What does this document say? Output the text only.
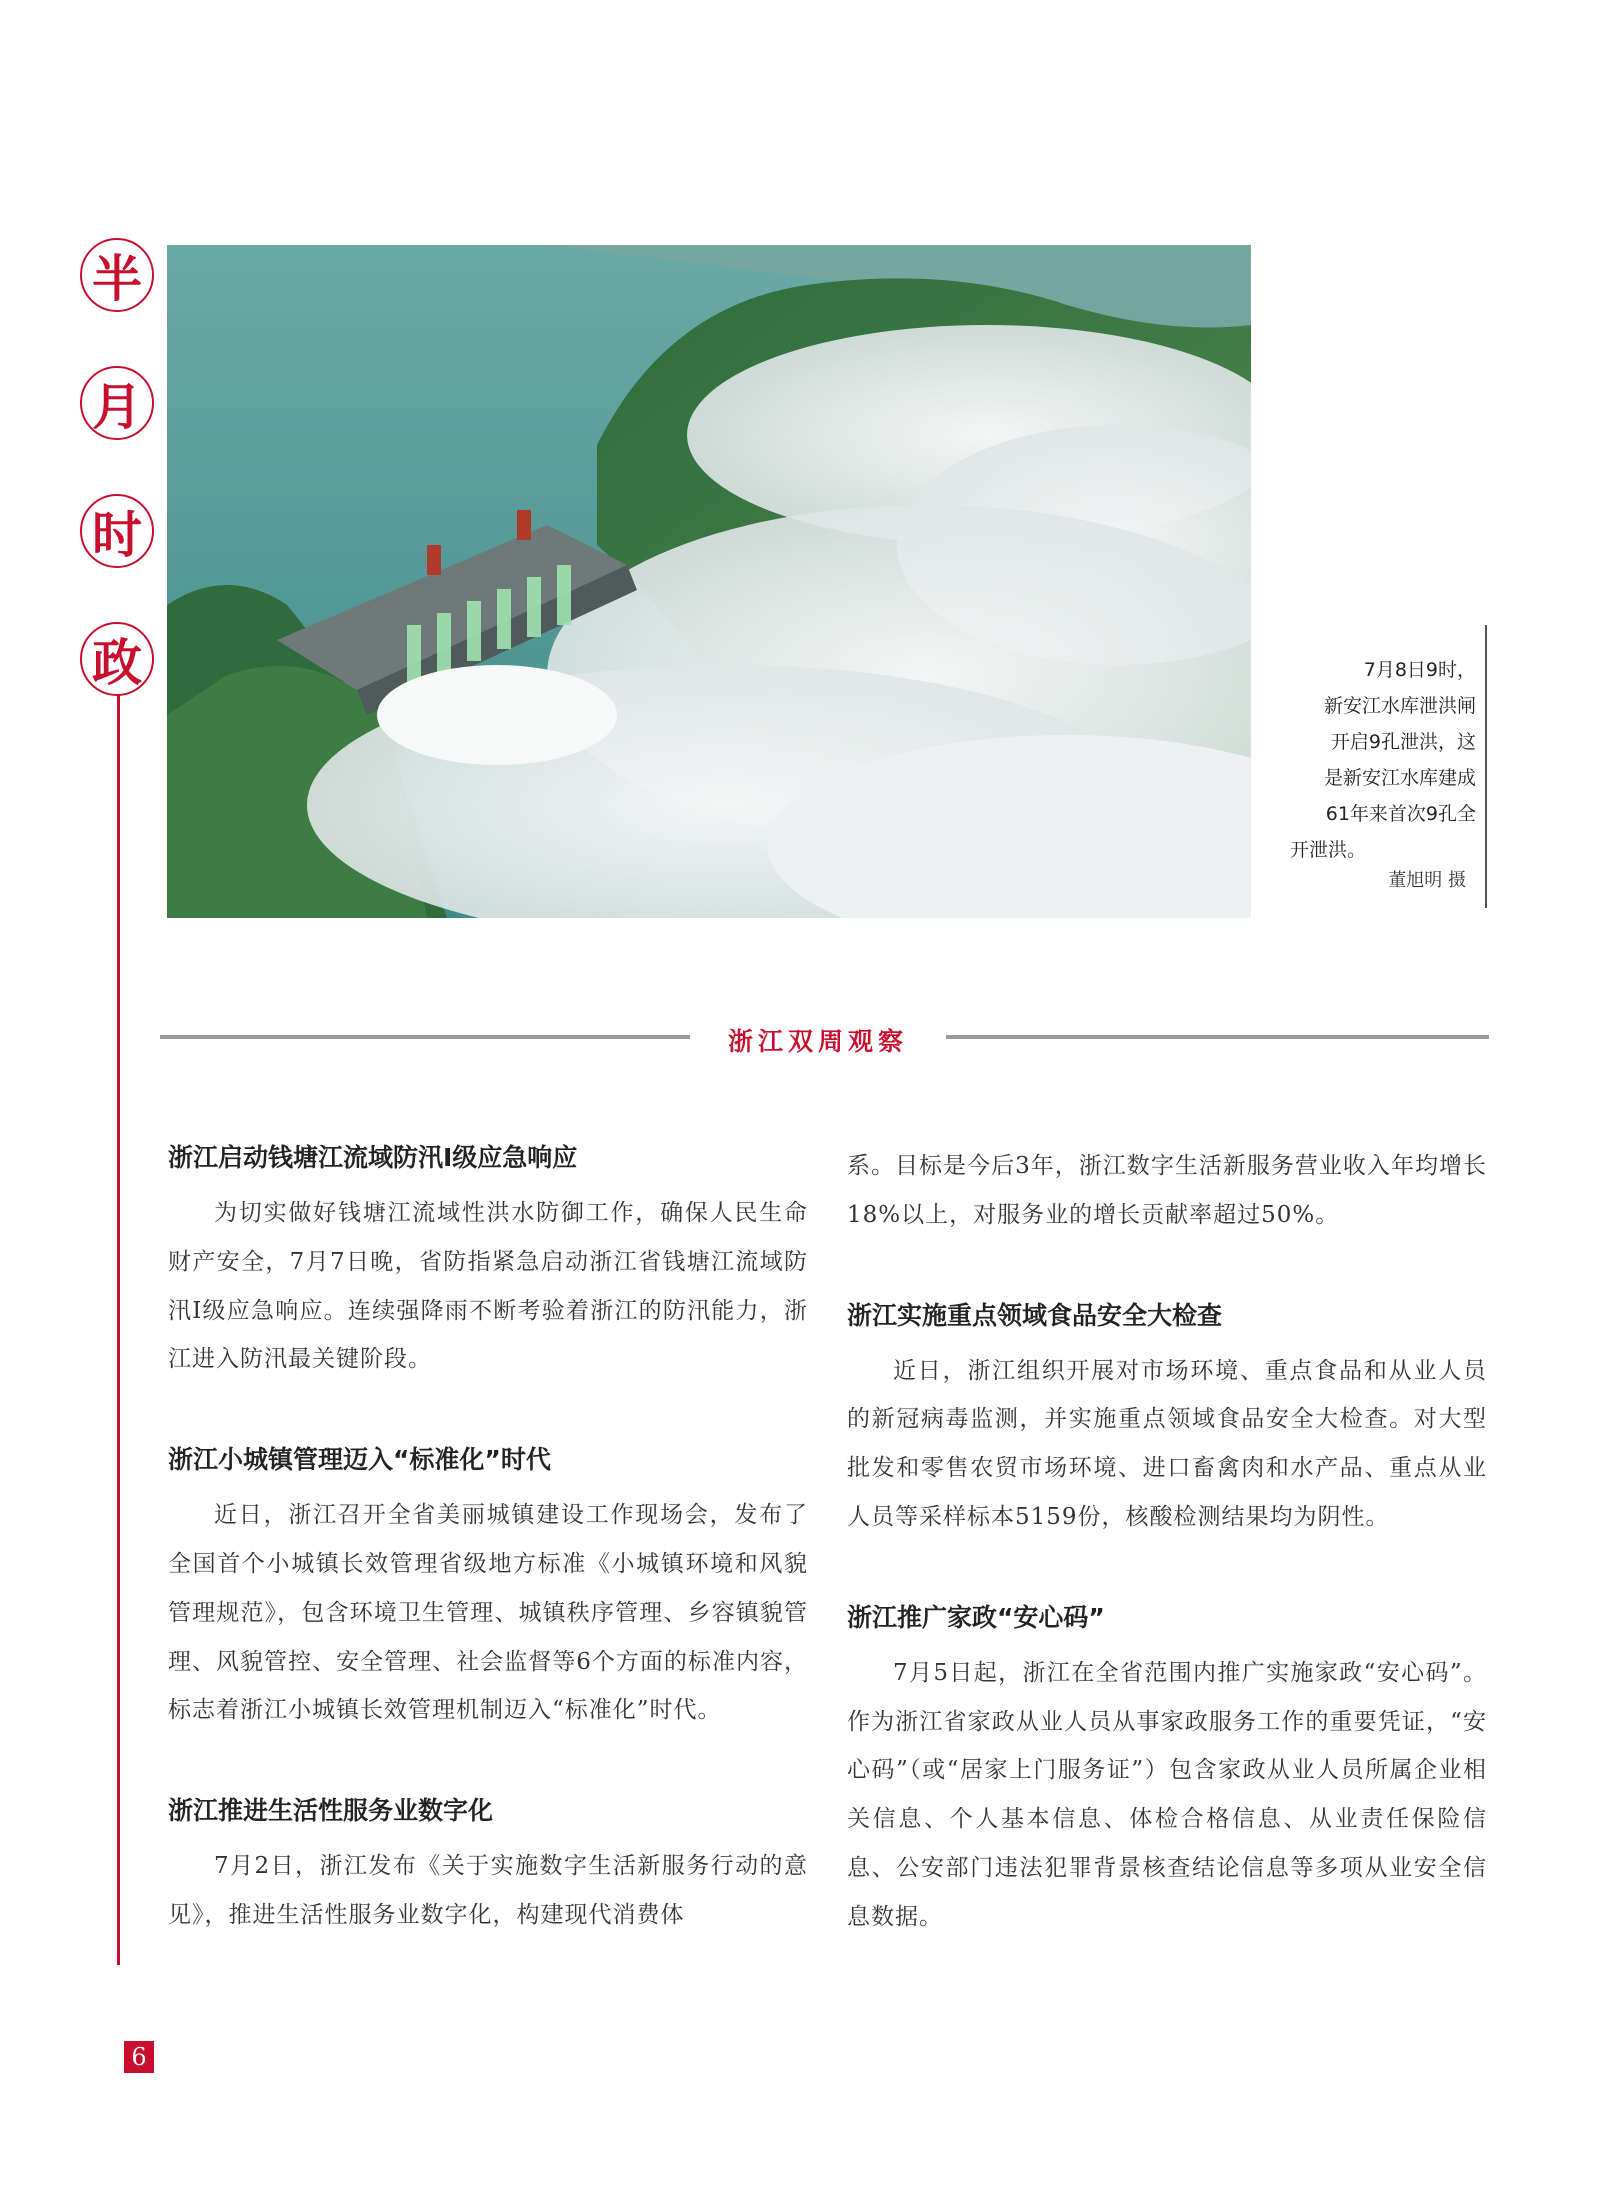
半
月
时
政	7月8日9时，
新安江水库泄洪闸
开启9孔泄洪，这
是新安江水库建成
61年来首次9孔全
开泄洪。
董旭明 摄
浙江双周观察
浙江启动钱塘江流域防汛Ⅰ级应急响应

为切实做好钱塘江流域性洪水防御工作，确保人民生命财产安全，7月7日晚，省防指紧急启动浙江省钱塘江流域防汛Ⅰ级应急响应。连续强降雨不断考验着浙江的防汛能力，浙江进入防汛最关键阶段。

浙江小城镇管理迈入“标准化”时代

近日，浙江召开全省美丽城镇建设工作现场会，发布了全国首个小城镇长效管理省级地方标准《小城镇环境和风貌管理规范》，包含环境卫生管理、城镇秩序管理、乡容镇貌管理、风貌管控、安全管理、社会监督等6个方面的标准内容，标志着浙江小城镇长效管理机制迈入“标准化”时代。

浙江推进生活性服务业数字化

7月2日，浙江发布《关于实施数字生活新服务行动的意见》，推进生活性服务业数字化，构建现代消费体

系。目标是今后3年，浙江数字生活新服务营业收入年均增长18%以上，对服务业的增长贡献率超过50%。

浙江实施重点领域食品安全大检查

近日，浙江组织开展对市场环境、重点食品和从业人员的新冠病毒监测，并实施重点领域食品安全大检查。对大型批发和零售农贸市场环境、进口畜禽肉和水产品、重点从业人员等采样标本5159份，核酸检测结果均为阴性。

浙江推广家政“安心码”

7月5日起，浙江在全省范围内推广实施家政“安心码”。作为浙江省家政从业人员从事家政服务工作的重要凭证，“安心码”（或“居家上门服务证”）包含家政从业人员所属企业相关信息、个人基本信息、体检合格信息、从业责任保险信息、公安部门违法犯罪背景核查结论信息等多项从业安全信息数据。

6
